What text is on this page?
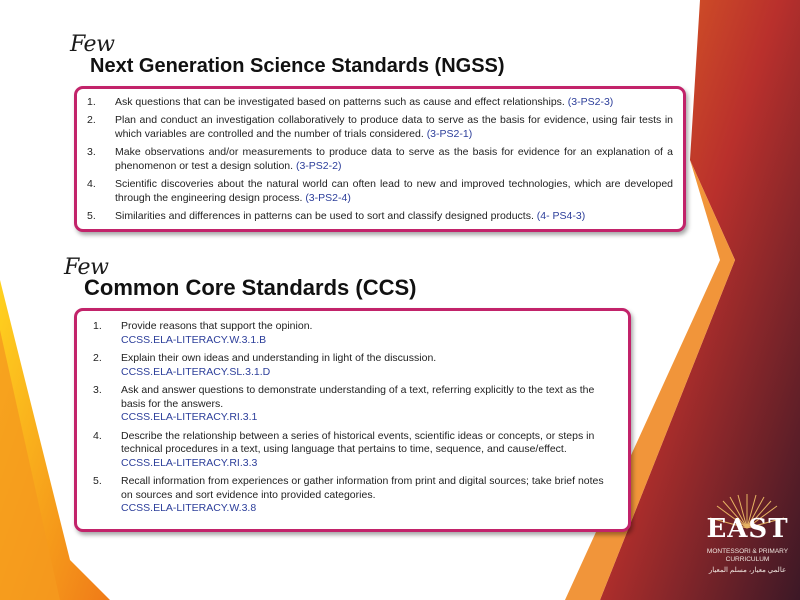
Few
Next Generation Science Standards (NGSS)
1.	Ask questions that can be investigated based on patterns such as cause and effect relationships. (3-PS2-3)
2.	Plan and conduct an investigation collaboratively to produce data to serve as the basis for evidence, using fair tests in which variables are controlled and the number of trials considered. (3-PS2-1)
3.	Make observations and/or measurements to produce data to serve as the basis for evidence for an explanation of a phenomenon or test a design solution. (3-PS2-2)
4.	Scientific discoveries about the natural world can often lead to new and improved technologies, which are developed through the engineering design process. (3-PS2-4)
5.	Similarities and differences in patterns can be used to sort and classify designed products. (4- PS4-3)
Few
Common Core Standards (CCS)
1.	Provide reasons that support the opinion.
CCSS.ELA-LITERACY.W.3.1.B
2.	Explain their own ideas and understanding in light of the discussion.
CCSS.ELA-LITERACY.SL.3.1.D
3.	Ask and answer questions to demonstrate understanding of a text, referring explicitly to the text as the basis for the answers.
CCSS.ELA-LITERACY.RI.3.1
4.	Describe the relationship between a series of historical events, scientific ideas or concepts, or steps in technical procedures in a text, using language that pertains to time, sequence, and cause/effect.  CCSS.ELA-LITERACY.RI.3.3
5.	Recall information from experiences or gather information from print and digital sources; take brief notes on sources and sort evidence into provided categories.
CCSS.ELA-LITERACY.W.3.8
EAST
MONTESSORI & PRIMARY
CURRICULUM
عالمي معيار، مسلم المعيار
